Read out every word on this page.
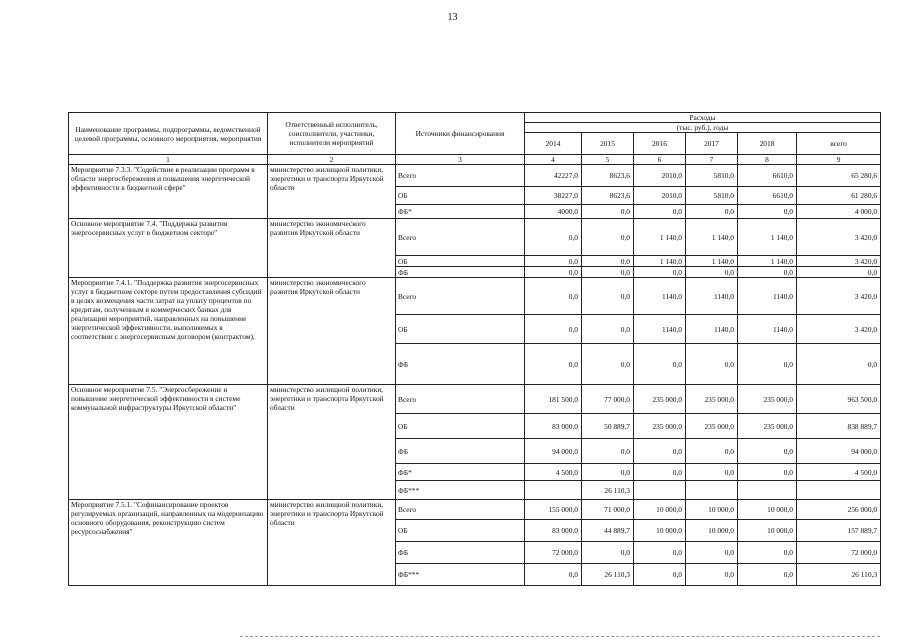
13
Наименование программы, подпрограммы, ведомственной целевой программы, основного мероприятия, мероприятия	Ответственный исполнитель, соисполнители, участники, исполнители мероприятий	Источники финансирования	Расходы					
			(тыс. руб.), годы					
			2014	2015	2016	2017	2018	всего
1	2	3	4	5	6	7	8	9
Мероприятие 7.3.3. "Содействие в реализации программ в области энергосбережения и повышения энергетической эффективности в бюджетной сфере"	министерство жилищной политики, энергетики и транспорта Иркутской области	Всего	42227,0	8623,6	2010,0	5810,0	6610,0	65 280,6
		ОБ	38227,0	8623,6	2010,0	5810,0	6610,0	61 280,6
		ФБ*	4000,0	0,0	0,0	0,0	0,0	4 000,0
Основное мероприятие 7.4. "Поддержка развития энергосервисных услуг в бюджетном секторе"	министерство экономического развития Иркутской области	Всего	0,0	0,0	1 140,0	1 140,0	1 140,0	3 420,0
		ОБ	0,0	0,0	1 140,0	1 140,0	1 140,0	3 420,0
		ФБ	0,0	0,0	0,0	0,0	0,0	0,0
Мероприятие 7.4.1. "Поддержка развития энергосервисных услуг в бюджетном секторе путем предоставления субсидий в целях возмещения части затрат на уплату процентов по кредитам, полученным в коммерческих банках для реализации мероприятий, направленных на повышение энергетической эффективности, выполняемых в соответствии с энергосервисным договором (контрактом),	министерство экономического развития Иркутской области	Всего	0,0	0,0	1140,0	1140,0	1140,0	3 420,0
		ОБ	0,0	0,0	1140,0	1140,0	1140,0	3 420,0
		ФБ	0,0	0,0	0,0	0,0	0,0	0,0
Основное мероприятие 7.5. "Энергосбережение и повышение энергетической эффективности в системе коммунальной инфраструктуры Иркутской области"	министерство жилищной политики, энергетики и транспорта Иркутской области	Всего	181 500,0	77 000,0	235 000,0	235 000,0	235 000,0	963 500,0
		ОБ	83 000,0	50 889,7	235 000,0	235 000,0	235 000,0	838 889,7
		ФБ	94 000,0	0,0	0,0	0,0	0,0	94 000,0
		ФБ*	4 500,0	0,0	0,0	0,0	0,0	4 500,0
		ФБ***		26 110,3				
Мероприятие 7.5.1. "Софинансирование проектов регулируемых организаций, направленных на модернизацию основного оборудования, реконструкцию систем ресурсоснабжения"	министерство жилищной политики, энергетики и транспорта Иркутской области	Всего	155 000,0	71 000,0	10 000,0	10 000,0	10 000,0	256 000,0
		ОБ	83 000,0	44 889,7	10 000,0	10 000,0	10 000,0	157 889,7
		ФБ	72 000,0	0,0	0,0	0,0	0,0	72 000,0
		ФБ***	0,0	26 110,3	0,0	0,0	0,0	26 110,3
